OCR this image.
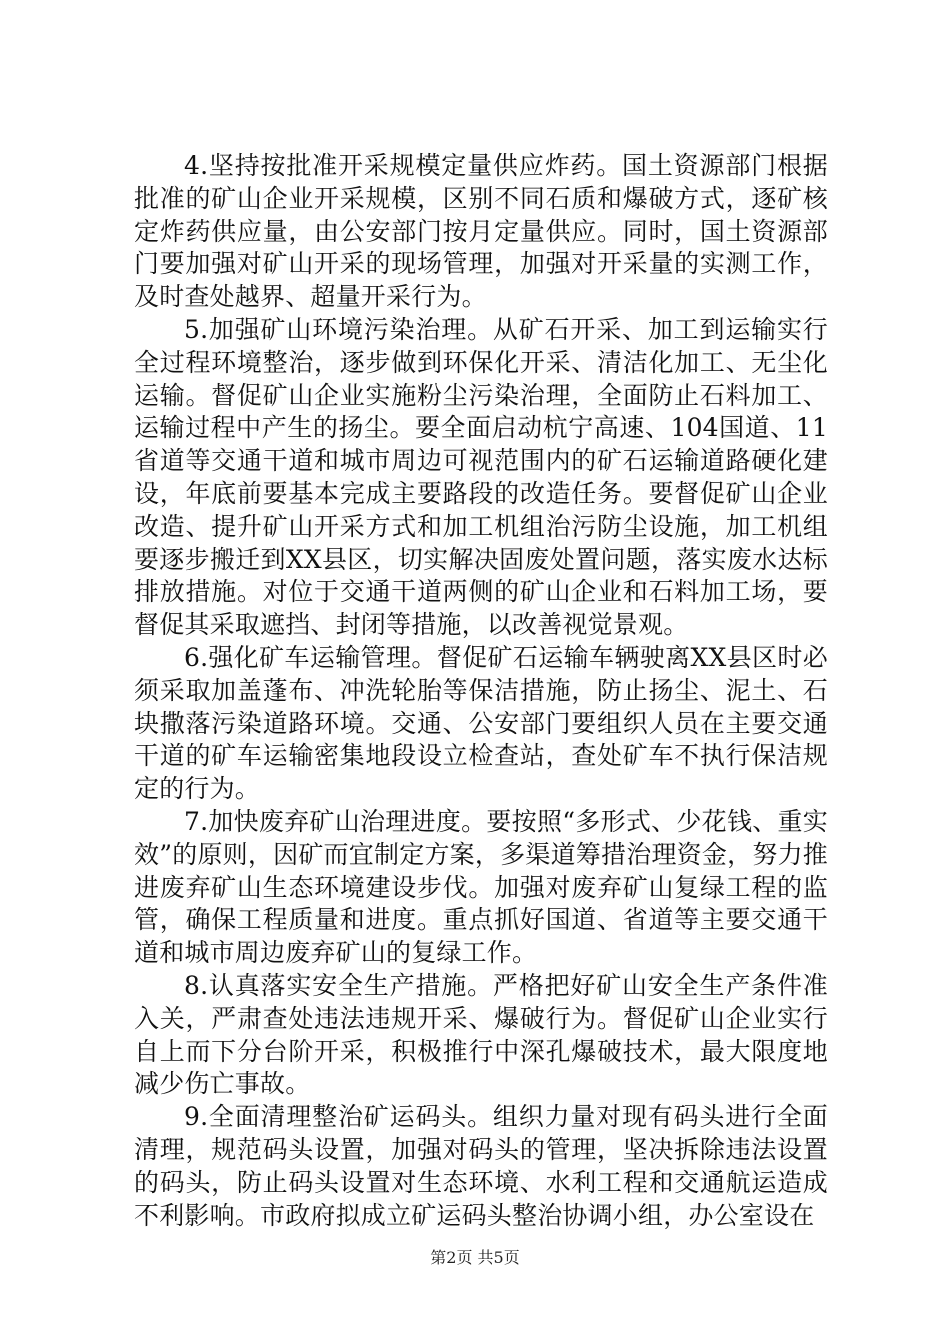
4.坚持按批准开采规模定量供应炸药。国土资源部门根据批准的矿山企业开采规模，区别不同石质和爆破方式，逐矿核定炸药供应量，由公安部门按月定量供应。同时，国土资源部门要加强对矿山开采的现场管理，加强对开采量的实测工作，及时查处越界、超量开采行为。

5.加强矿山环境污染治理。从矿石开采、加工到运输实行全过程环境整治，逐步做到环保化开采、清洁化加工、无尘化运输。督促矿山企业实施粉尘污染治理，全面防止石料加工、运输过程中产生的扬尘。要全面启动杭宁高速、104国道、11省道等交通干道和城市周边可视范围内的矿石运输道路硬化建设，年底前要基本完成主要路段的改造任务。要督促矿山企业改造、提升矿山开采方式和加工机组治污防尘设施，加工机组要逐步搬迁到XX县区，切实解决固废处置问题，落实废水达标排放措施。对位于交通干道两侧的矿山企业和石料加工场，要督促其采取遮挡、封闭等措施，以改善视觉景观。

6.强化矿车运输管理。督促矿石运输车辆驶离XX县区时必须采取加盖蓬布、冲洗轮胎等保洁措施，防止扬尘、泥土、石块撒落污染道路环境。交通、公安部门要组织人员在主要交通干道的矿车运输密集地段设立检查站，查处矿车不执行保洁规定的行为。

7.加快废弃矿山治理进度。要按照“多形式、少花钱、重实效”的原则，因矿而宜制定方案，多渠道筹措治理资金，努力推进废弃矿山生态环境建设步伐。加强对废弃矿山复绿工程的监管，确保工程质量和进度。重点抓好国道、省道等主要交通干道和城市周边废弃矿山的复绿工作。

8.认真落实安全生产措施。严格把好矿山安全生产条件准入关，严肃查处违法违规开采、爆破行为。督促矿山企业实行自上而下分台阶开采，积极推行中深孔爆破技术，最大限度地减少伤亡事故。

9.全面清理整治矿运码头。组织力量对现有码头进行全面清理，规范码头设置，加强对码头的管理，坚决拆除违法设置的码头，防止码头设置对生态环境、水利工程和交通航运造成不利影响。市政府拟成立矿运码头整治协调小组，办公室设在

第2页 共5页
